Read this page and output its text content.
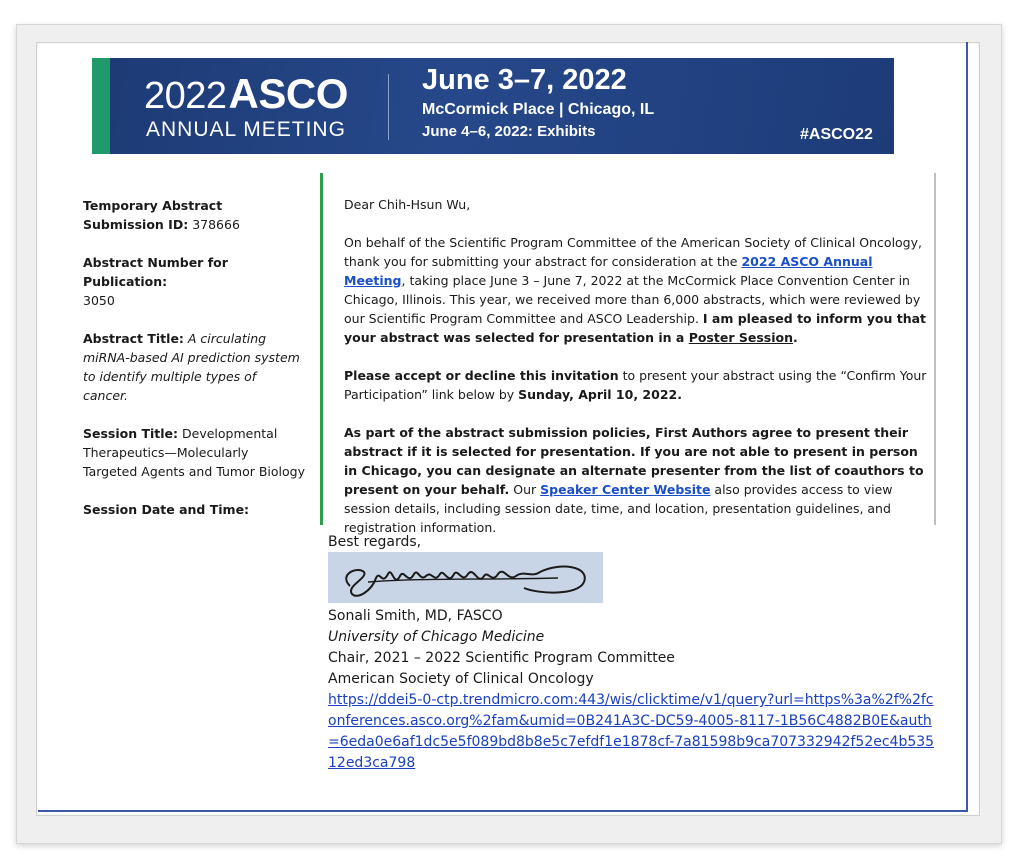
2022ASCO
ANNUAL MEETING
June 3–7, 2022
McCormick Place | Chicago, IL
June 4–6, 2022: Exhibits	#ASCO22
Temporary Abstract Submission ID: 378666
Abstract Number for Publication:
3050
Abstract Title: A circulating miRNA-based AI prediction system to identify multiple types of cancer.
Session Title: Developmental Therapeutics—Molecularly Targeted Agents and Tumor Biology
Session Date and Time:

Dear Chih-Hsun Wu,

On behalf of the Scientific Program Committee of the American Society of Clinical Oncology, thank you for submitting your abstract for consideration at the 2022 ASCO Annual Meeting, taking place June 3 – June 7, 2022 at the McCormick Place Convention Center in Chicago, Illinois. This year, we received more than 6,000 abstracts, which were reviewed by our Scientific Program Committee and ASCO Leadership. I am pleased to inform you that your abstract was selected for presentation in a Poster Session.

Please accept or decline this invitation to present your abstract using the “Confirm Your Participation” link below by Sunday, April 10, 2022.

As part of the abstract submission policies, First Authors agree to present their abstract if it is selected for presentation. If you are not able to present in person in Chicago, you can designate an alternate presenter from the list of coauthors to present on your behalf. Our Speaker Center Website also provides access to view session details, including session date, time, and location, presentation guidelines, and registration information.

Best regards,
Sonali Smith, MD, FASCO
University of Chicago Medicine
Chair, 2021 – 2022 Scientific Program Committee
American Society of Clinical Oncology
https://ddei5-0-ctp.trendmicro.com:443/wis/clicktime/v1/query?url=https%3a%2f%2fconferences.asco.org%2fam&umid=0B241A3C-DC59-4005-8117-1B56C4882B0E&auth=6eda0e6af1dc5e5f089bd8b8e5c7efdf1e1878cf-7a81598b9ca707332942f52ec4b53512ed3ca798
